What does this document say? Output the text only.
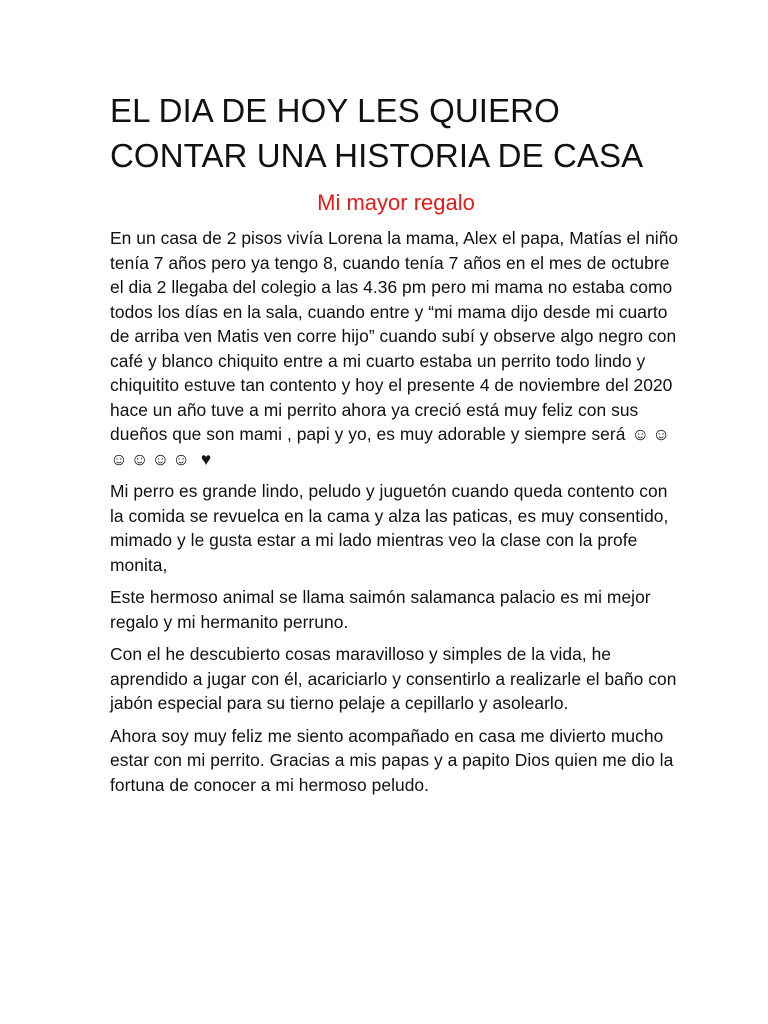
EL DIA DE HOY LES QUIERO CONTAR UNA HISTORIA DE CASA
Mi mayor regalo

En un casa de 2 pisos vivía Lorena la mama, Alex el papa, Matías el niño tenía 7 años pero ya tengo 8, cuando tenía 7 años en el mes de octubre el dia 2 llegaba del colegio a las 4.36 pm pero mi mama no estaba como todos los días en la sala, cuando entre y “mi mama dijo desde mi cuarto de arriba ven Matis ven corre hijo” cuando subí y observe algo negro con café y blanco chiquito entre a mi cuarto estaba un perrito todo lindo y chiquitito estuve tan contento y hoy el presente 4 de noviembre del 2020 hace un año tuve a mi perrito ahora ya creció está muy feliz con sus dueños que son mami , papi y yo, es muy adorable y siempre será ☺☺☺☺☺☺ ♥

Mi perro es grande lindo, peludo y juguetón cuando queda contento con la comida se revuelca en la cama y alza las paticas, es muy consentido, mimado y le gusta estar a mi lado mientras veo la clase con la profe monita,

Este hermoso animal se llama saimón salamanca palacio es mi mejor regalo y mi hermanito perruno.

Con el he descubierto cosas maravilloso y simples de la vida, he aprendido a jugar con él, acariciarlo y consentirlo a realizarle el baño con jabón especial para su tierno pelaje a cepillarlo y asolearlo.

Ahora soy muy feliz me siento acompañado en casa me divierto mucho estar con mi perrito. Gracias a mis papas y a papito Dios quien me dio la fortuna de conocer a mi hermoso peludo.
